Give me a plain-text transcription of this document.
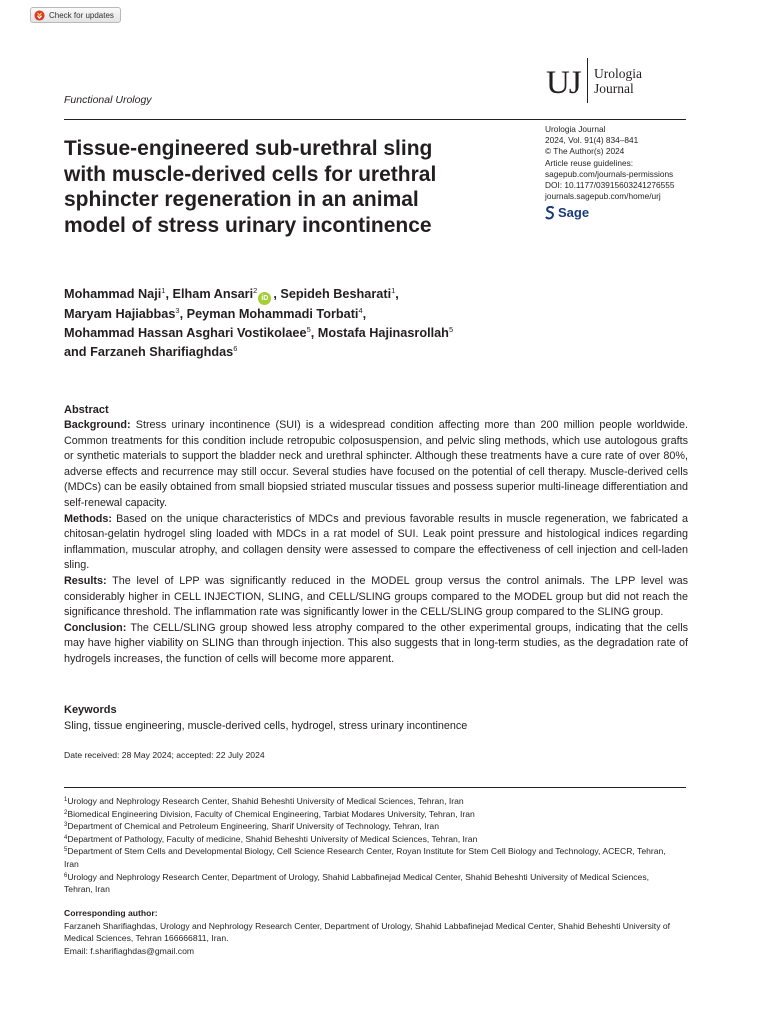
Check for updates
UJ Urologia
Journal
Functional Urology
Tissue-engineered sub-urethral sling
with muscle-derived cells for urethral
sphincter regeneration in an animal
model of stress urinary incontinence
Urologia Journal
2024, Vol. 91(4) 834–841
© The Author(s) 2024
Article reuse guidelines:
sagepub.com/journals-permissions
DOI: 10.1177/03915603241276555
journals.sagepub.com/home/urj
Sage
Mohammad Naji$^1$, Elham Ansari$^2$iD , Sepideh Besharati$^1$,
Maryam Hajiabbas$^3$, Peyman Mohammadi Torbati$^4$,
Mohammad Hassan Asghari Vostikolaee$^5$, Mostafa Hajinasrollah$^5$
and Farzaneh Sharifiaghdas$^6$
Abstract

Background: Stress urinary incontinence (SUI) is a widespread condition affecting more than 200 million people worldwide. Common treatments for this condition include retropubic colposuspension, and pelvic sling methods, which use autologous grafts or synthetic materials to support the bladder neck and urethral sphincter. Although these treatments have a cure rate of over 80%, adverse effects and recurrence may still occur. Several studies have focused on the potential of cell therapy. Muscle-derived cells (MDCs) can be easily obtained from small biopsied striated muscular tissues and possess superior multi-lineage differentiation and self-renewal capacity.

Methods: Based on the unique characteristics of MDCs and previous favorable results in muscle regeneration, we fabricated a chitosan-gelatin hydrogel sling loaded with MDCs in a rat model of SUI. Leak point pressure and histological indices regarding inflammation, muscular atrophy, and collagen density were assessed to compare the effectiveness of cell injection and cell-laden sling.

Results: The level of LPP was significantly reduced in the MODEL group versus the control animals. The LPP level was considerably higher in CELL INJECTION, SLING, and CELL/SLING groups compared to the MODEL group but did not reach the significance threshold. The inflammation rate was significantly lower in the CELL/SLING group compared to the SLING group.

Conclusion: The CELL/SLING group showed less atrophy compared to the other experimental groups, indicating that the cells may have higher viability on SLING than through injection. This also suggests that in long-term studies, as the degradation rate of hydrogels increases, the function of cells will become more apparent.

Keywords

Sling, tissue engineering, muscle-derived cells, hydrogel, stress urinary incontinence

Date received: 28 May 2024; accepted: 22 July 2024
$^1$Urology and Nephrology Research Center, Shahid Beheshti University of Medical Sciences, Tehran, Iran
$^2$Biomedical Engineering Division, Faculty of Chemical Engineering, Tarbiat Modares University, Tehran, Iran
$^3$Department of Chemical and Petroleum Engineering, Sharif University of Technology, Tehran, Iran
$^4$Department of Pathology, Faculty of medicine, Shahid Beheshti University of Medical Sciences, Tehran, Iran
$^5$Department of Stem Cells and Developmental Biology, Cell Science Research Center, Royan Institute for Stem Cell Biology and Technology, ACECR, Tehran, Iran
$^6$Urology and Nephrology Research Center, Department of Urology, Shahid Labbafinejad Medical Center, Shahid Beheshti University of Medical Sciences, Tehran, Iran
Corresponding author:
Farzaneh Sharifiaghdas, Urology and Nephrology Research Center, Department of Urology, Shahid Labbafinejad Medical Center, Shahid Beheshti University of Medical Sciences, Tehran 166666811, Iran.
Email: f.sharifiaghdas@gmail.com
